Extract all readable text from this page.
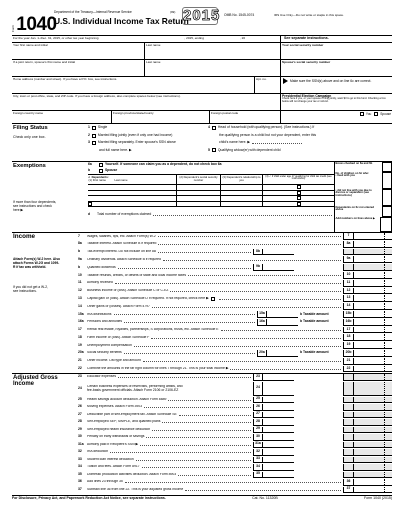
Form 1040
Department of the Treasury—Internal Revenue Service
U.S. Individual Income Tax Return
(99) 2015 OMB No. 1545-0074	IRS Use Only—Do not write or staple in this space.
For the year Jan. 1–Dec. 31, 2015, or other tax year beginning	, 2015, ending	, 20	See separate instructions.
Your first name and initial	Last name	Your social security number
If a joint return, spouse's first name and initial	Last name	Spouse's social security number
Home address (number and street). If you have a P.O. box, see instructions.	Apt. no.	Make sure the SSN(s) above and on line 6c are correct.
City, town or post office, state, and ZIP code. If you have a foreign address, also complete spaces below (see instructions).	Presidential Election Campaign
Check here if you, or your spouse if filing jointly, want $3 to go to this fund. Checking a box below will not change your tax or refund.
Foreign country name	Foreign province/state/county	Foreign postal code	You	Spouse
Filing Status
Check only one box.
1 Single
2 Married filing jointly (even if only one had income)
3 Married filing separately. Enter spouse's SSN above
and full name here. ▶
4 Head of household (with qualifying person). (See instructions.) If
the qualifying person is a child but not your dependent, enter this
child's name here. ▶
5 Qualifying widow(er) with dependent child
Exemptions
If more than four dependents, see instructions and check here ▶
6a	Yourself. If someone can claim you as a dependent, do not check box 6a
b	Spouse
c Dependents:
(1) First name	Last name
(2) Dependent's social security number
(3) Dependent's relationship to you
(4) ✓ if child under age 17 qualifying for child tax credit (see instructions)
d	Total number of exemptions claimed
Boxes checked on 6a and 6b
No. of children on 6c who:
• lived with you
• did not live with you due to divorce or separation (see instructions)
Dependents on 6c not entered above
Add numbers on lines above ▶
Income
Attach Form(s) W-2 here. Also attach Forms W-2G and 1099-R if tax was withheld.
If you did not get a W-2, see instructions.
7	Wages, salaries, tips, etc. Attach Form(s) W-2	7
8a	Taxable interest. Attach Schedule B if required	8a
b	Tax-exempt interest. Do not include on line 8a	8b
9a	Ordinary dividends. Attach Schedule B if required	9a
b	Qualified dividends	9b
10	Taxable refunds, credits, or offsets of state and local income taxes	10
11	Alimony received	11
12	Business income or (loss). Attach Schedule C or C-EZ	12
13	Capital gain or (loss). Attach Schedule D if required. If not required, check here ▶	13
14	Other gains or (losses). Attach Form 4797	14
15a IRA distributions	15a	b Taxable amount	15b
16a Pensions and annuities	16a	b Taxable amount	16b
17	Rental real estate, royalties, partnerships, S corporations, trusts, etc. Attach Schedule E	17
18	Farm income or (loss). Attach Schedule F	18
19	Unemployment compensation	19
20a Social security benefits	20a	b Taxable amount	20b
21	Other income. List type and amount	21
22	Combine the amounts in the far right column for lines 7 through 21. This is your total income ▶	22
Adjusted Gross Income
23	Educator expenses	23
24	Certain business expenses of reservists, performing artists, and
fee-basis government officials. Attach Form 2106 or 2106-EZ
24
25	Health savings account deduction. Attach Form 8889	25
26	Moving expenses. Attach Form 3903	26
27	Deductible part of self-employment tax. Attach Schedule SE	27
28	Self-employed SEP, SIMPLE, and qualified plans	28
29	Self-employed health insurance deduction	29
30	Penalty on early withdrawal of savings	30
31a Alimony paid b Recipient's SSN ▶	31a
32	IRA deduction	32
33	Student loan interest deduction	33
34	Tuition and fees. Attach Form 8917	34
35	Domestic production activities deduction. Attach Form 8903	35
36	Add lines 23 through 35	36
37	Subtract line 36 from line 22. This is your adjusted gross income	37
For Disclosure, Privacy Act, and Paperwork Reduction Act Notice, see separate instructions.	Cat. No. 11320B	Form 1040 (2015)
